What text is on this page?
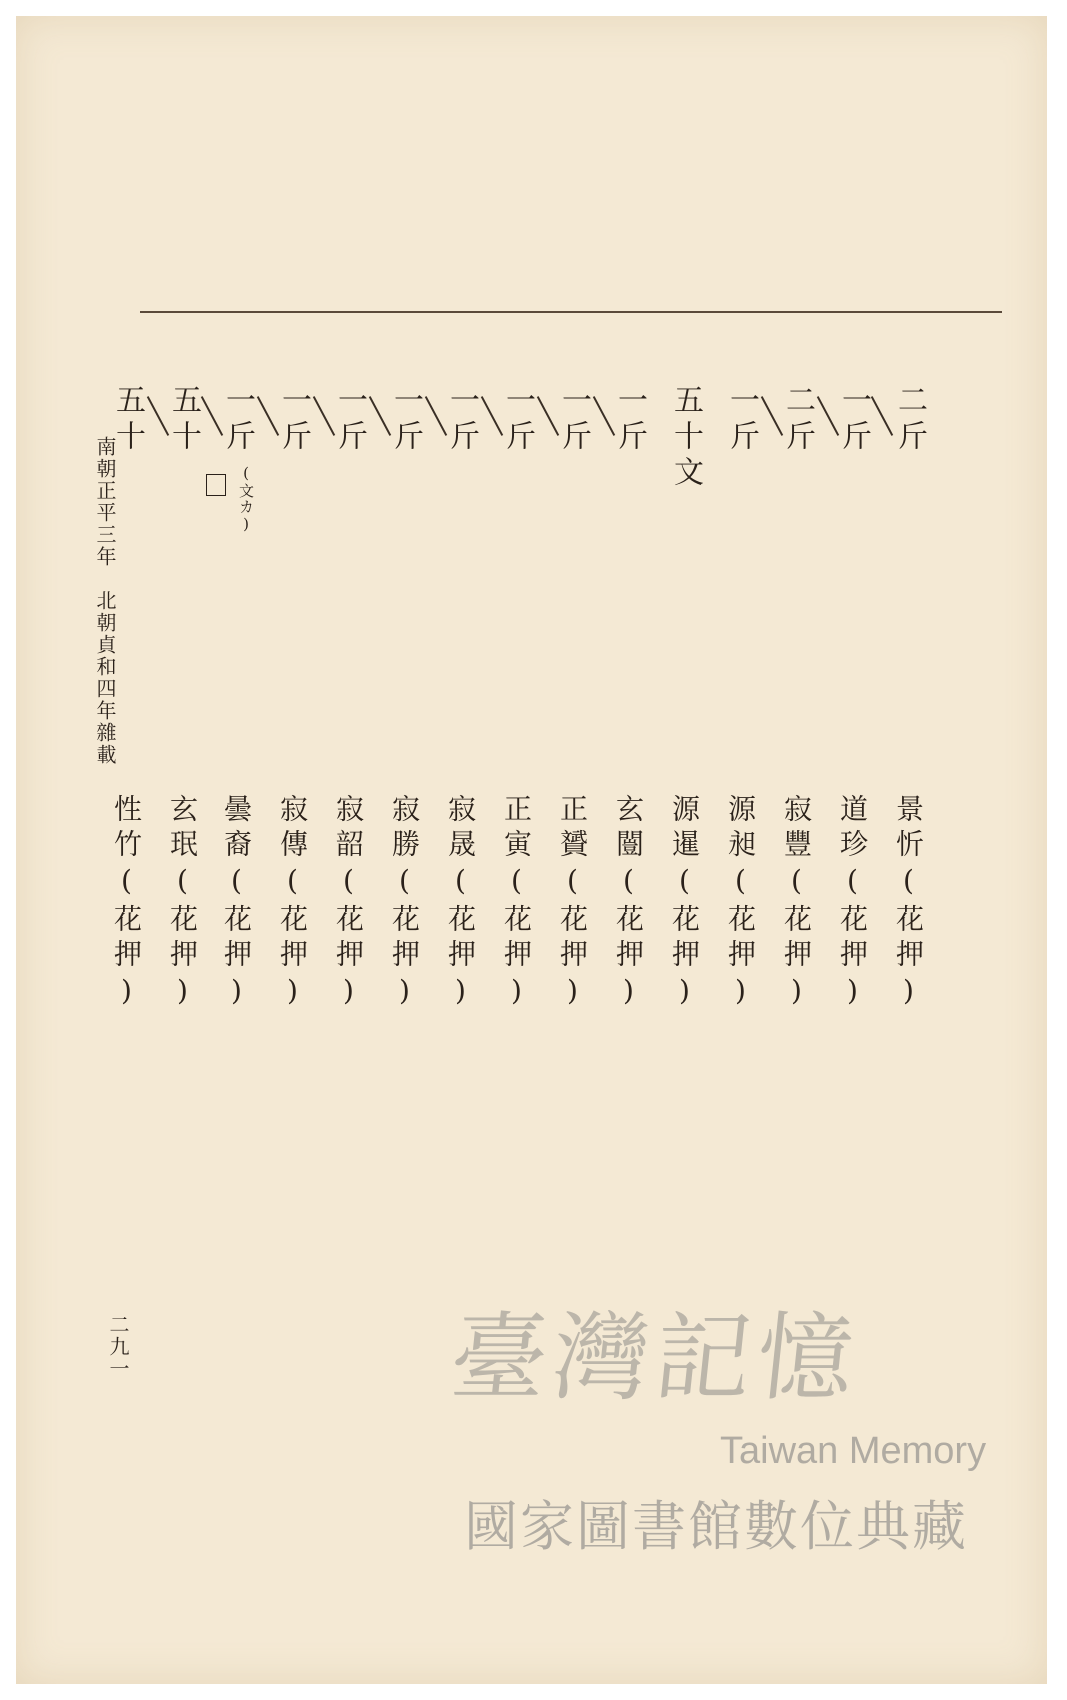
二斤
一斤
二斤
一斤
五十文
一斤
一斤
一斤
一斤
一斤
一斤
一斤
一斤
五十
五十
(文カ)
景忻(花押)
道珍(花押)
寂豐(花押)
源昶(花押)
源暹(花押)
玄闓(花押)
正贇(花押)
正寅(花押)
寂晟(花押)
寂勝(花押)
寂韶(花押)
寂傳(花押)
曇裔(花押)
玄珉(花押)
性竹(花押)
南朝正平三年　北朝貞和四年雜載
二九一	臺灣記憶
Taiwan Memory
國家圖書館數位典藏
